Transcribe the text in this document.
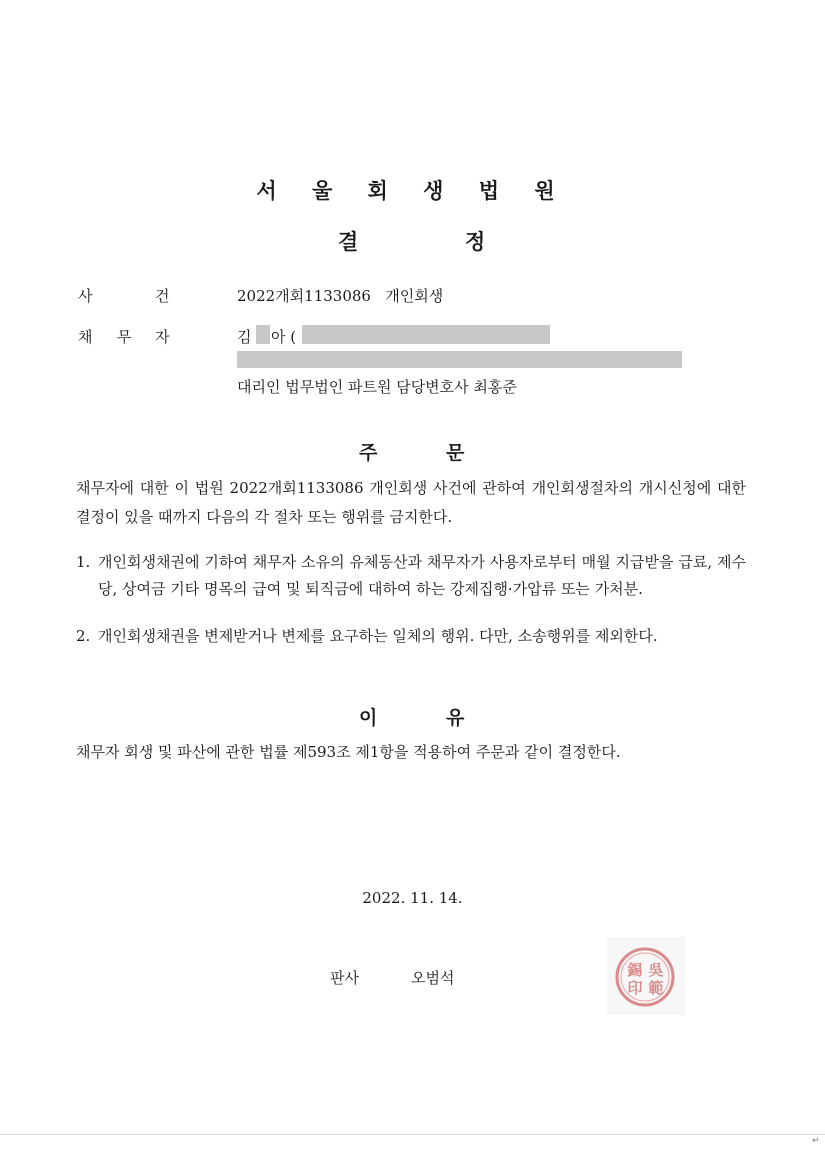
서 울 회 생 법 원
결	정
사	건	2022개회1133086   개인회생
채 무 자	김 아 (
대리인 법무법인 파트원 담당변호사 최홍준
주	문
채무자에 대한 이 법원 2022개회1133086 개인회생 사건에 관하여 개인회생절차의 개시신청에 대한 결정이 있을 때까지 다음의 각 절차 또는 행위를 금지한다.
1. 개인회생채권에 기하여 채무자 소유의 유체동산과 채무자가 사용자로부터 매월 지급받을 급료, 제수당, 상여금 기타 명목의 급여 및 퇴직금에 대하여 하는 강제집행·가압류 또는 가처분.
2. 개인회생채권을 변제받거나 변제를 요구하는 일체의 행위. 다만, 소송행위를 제외한다.
이	유
채무자 회생 및 파산에 관한 법률 제593조 제1항을 적용하여 주문과 같이 결정한다.
2022. 11. 14.
판사	오범석	吳
範
錫
印
↵
